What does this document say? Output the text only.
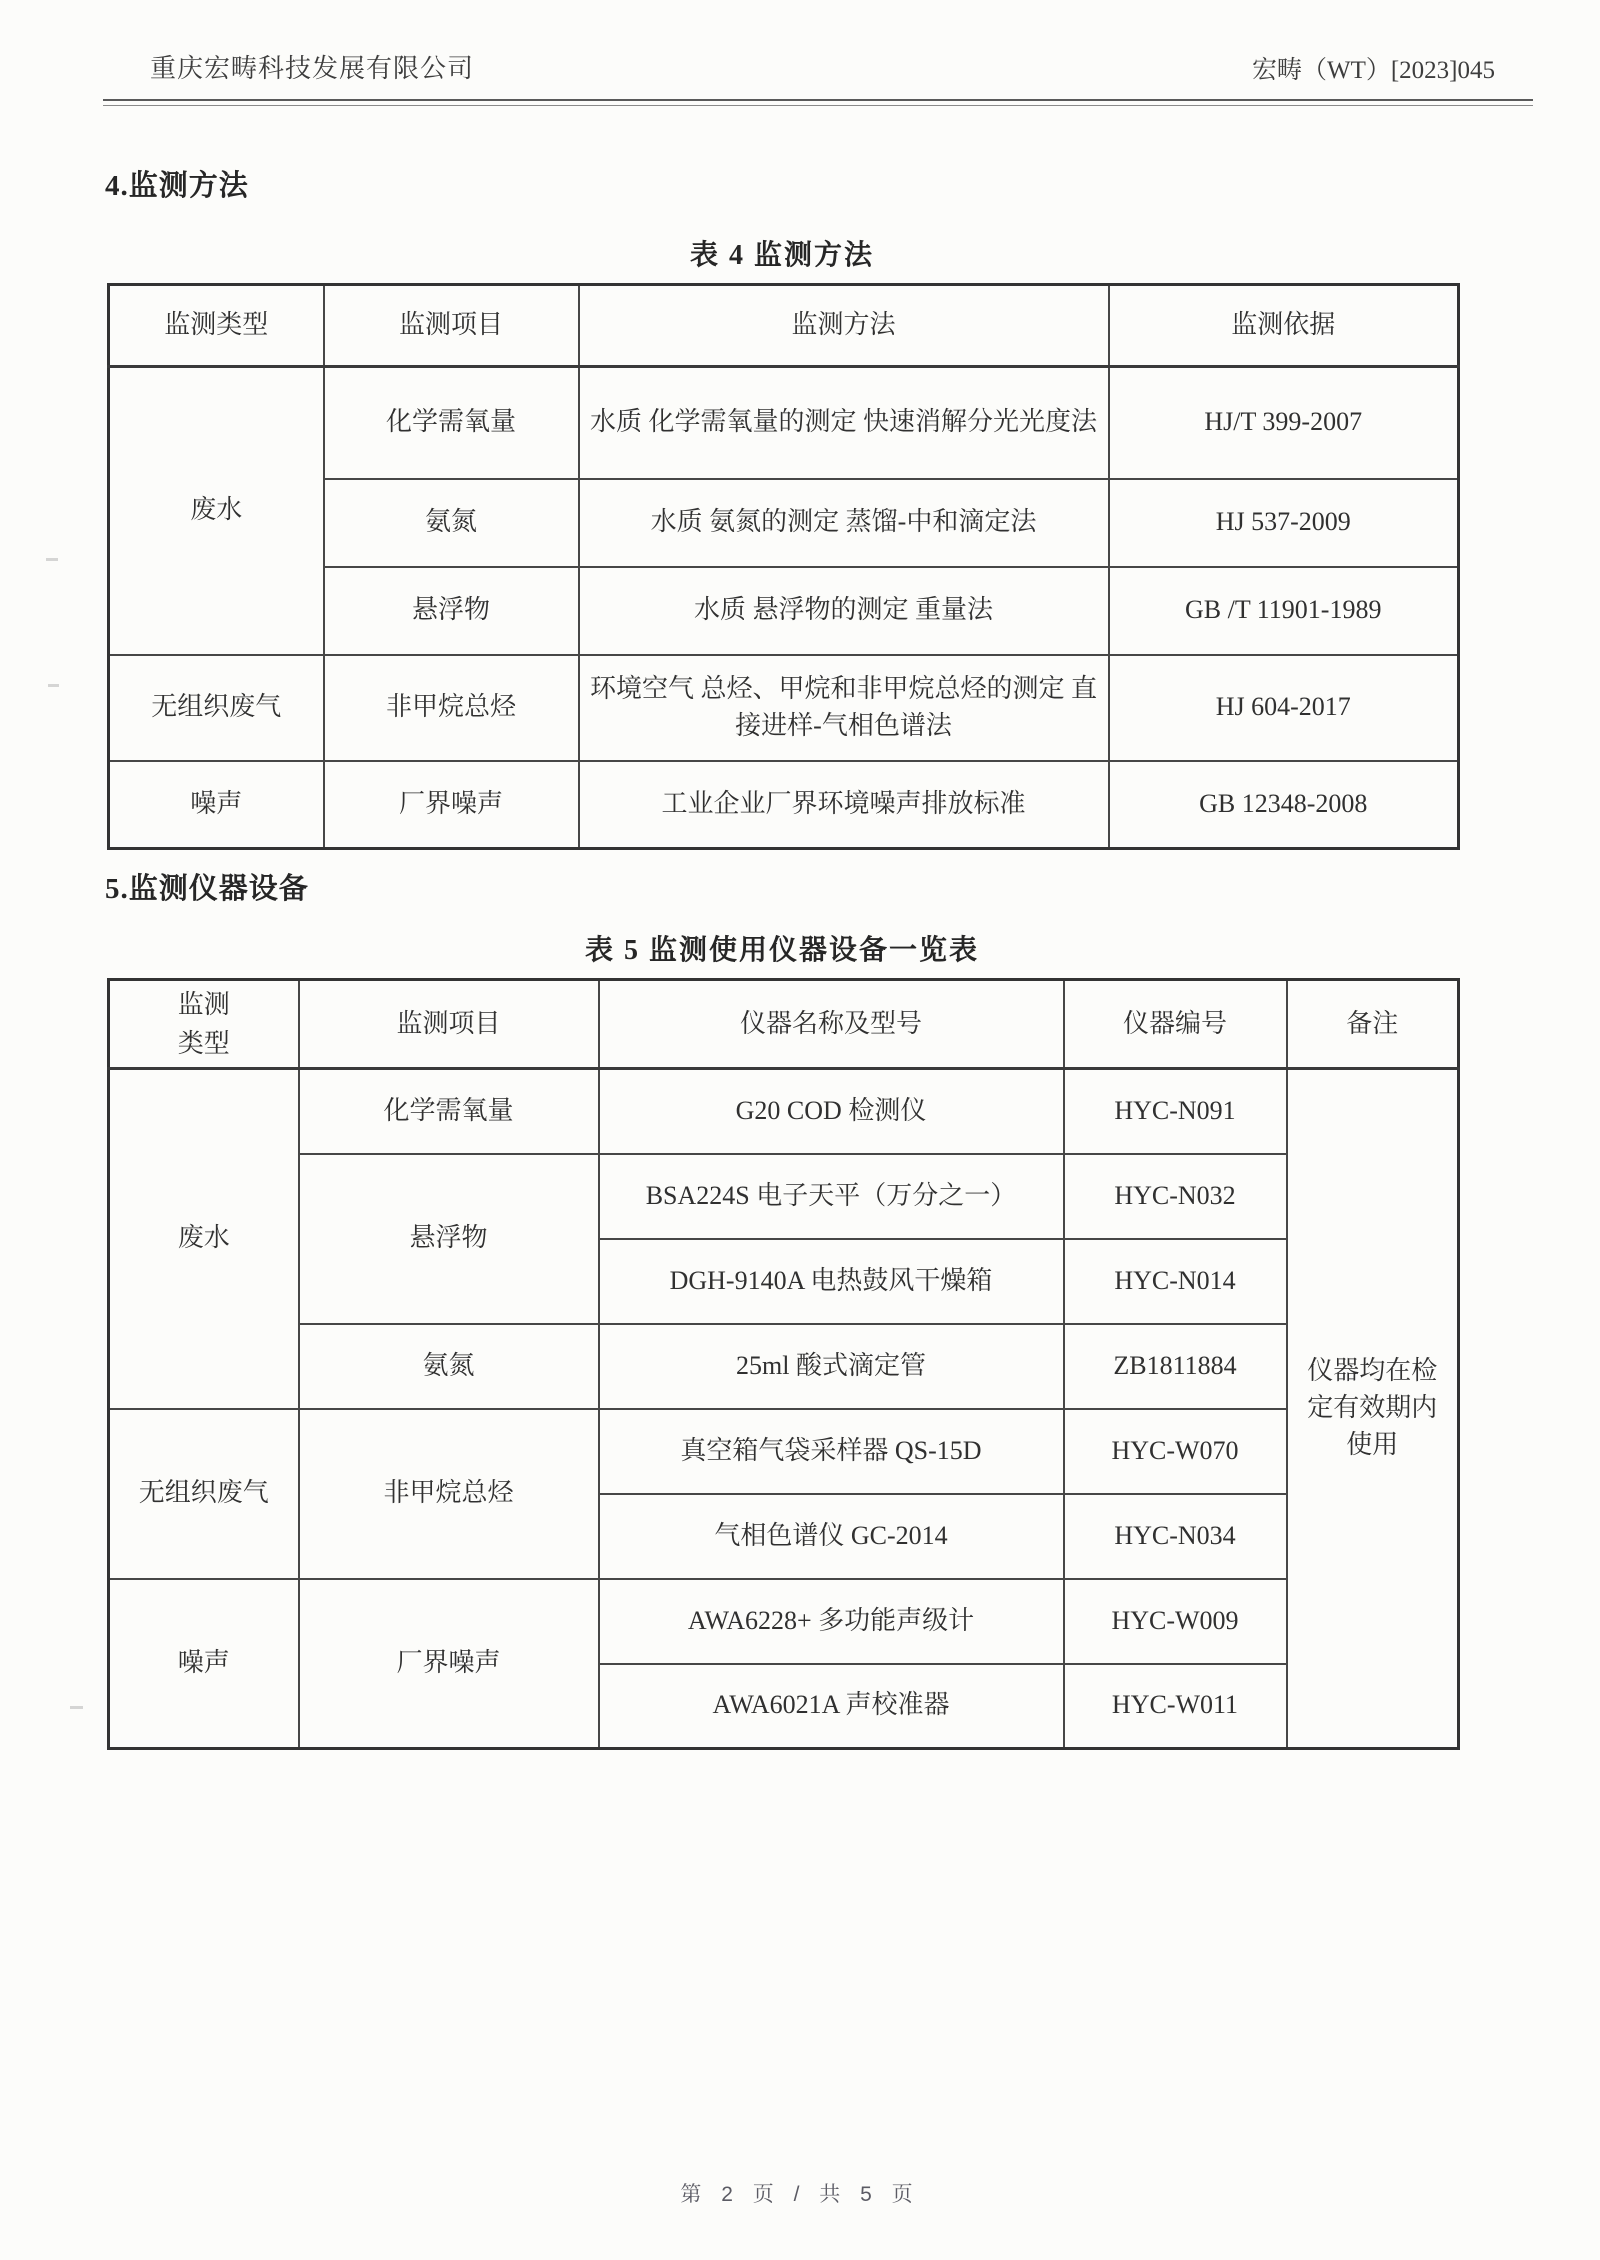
重庆宏畴科技发展有限公司	宏畴（WT）[2023]045
4.监测方法
表 4 监测方法
监测类型	监测项目	监测方法	监测依据
废水	化学需氧量	水质 化学需氧量的测定 快速消解分光光度法	HJ/T 399-2007
	氨氮	水质 氨氮的测定 蒸馏-中和滴定法	HJ 537-2009
	悬浮物	水质 悬浮物的测定 重量法	GB /T 11901-1989
无组织废气	非甲烷总烃	环境空气 总烃、甲烷和非甲烷总烃的测定 直接进样-气相色谱法	HJ 604-2017
噪声	厂界噪声	工业企业厂界环境噪声排放标准	GB 12348-2008
5.监测仪器设备
表 5 监测使用仪器设备一览表
监测类型	监测项目	仪器名称及型号	仪器编号	备注
废水	化学需氧量	G20 COD 检测仪	HYC-N091	仪器均在检定有效期内使用
	悬浮物	BSA224S 电子天平（万分之一）	HYC-N032	
		DGH-9140A 电热鼓风干燥箱	HYC-N014	
	氨氮	25ml 酸式滴定管	ZB1811884	
无组织废气	非甲烷总烃	真空箱气袋采样器 QS-15D	HYC-W070	
		气相色谱仪 GC-2014	HYC-N034	
噪声	厂界噪声	AWA6228+ 多功能声级计	HYC-W009	
		AWA6021A 声校准器	HYC-W011	
第 2 页 / 共 5 页
